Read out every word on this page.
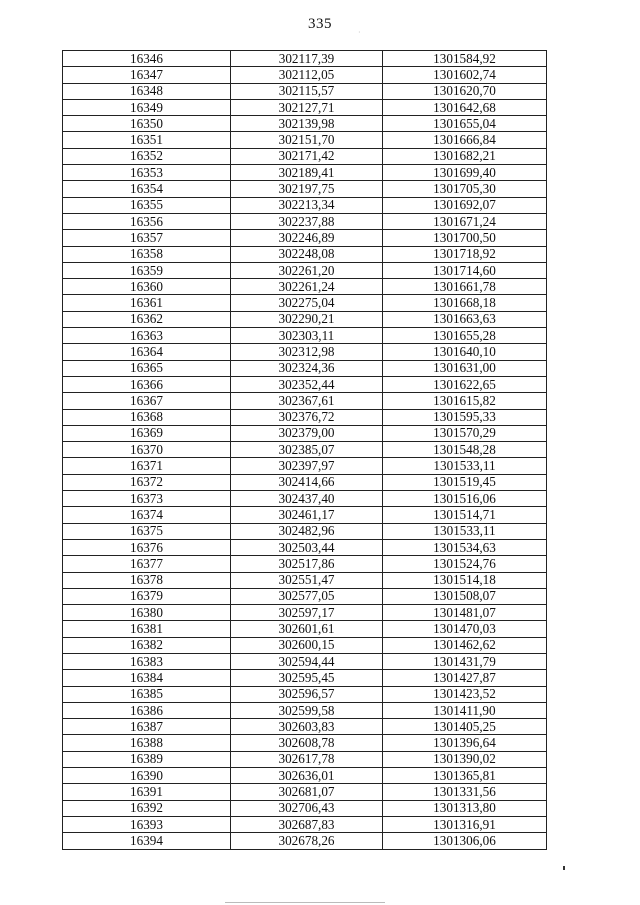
335
·
16346	302117,39	1301584,92
16347	302112,05	1301602,74
16348	302115,57	1301620,70
16349	302127,71	1301642,68
16350	302139,98	1301655,04
16351	302151,70	1301666,84
16352	302171,42	1301682,21
16353	302189,41	1301699,40
16354	302197,75	1301705,30
16355	302213,34	1301692,07
16356	302237,88	1301671,24
16357	302246,89	1301700,50
16358	302248,08	1301718,92
16359	302261,20	1301714,60
16360	302261,24	1301661,78
16361	302275,04	1301668,18
16362	302290,21	1301663,63
16363	302303,11	1301655,28
16364	302312,98	1301640,10
16365	302324,36	1301631,00
16366	302352,44	1301622,65
16367	302367,61	1301615,82
16368	302376,72	1301595,33
16369	302379,00	1301570,29
16370	302385,07	1301548,28
16371	302397,97	1301533,11
16372	302414,66	1301519,45
16373	302437,40	1301516,06
16374	302461,17	1301514,71
16375	302482,96	1301533,11
16376	302503,44	1301534,63
16377	302517,86	1301524,76
16378	302551,47	1301514,18
16379	302577,05	1301508,07
16380	302597,17	1301481,07
16381	302601,61	1301470,03
16382	302600,15	1301462,62
16383	302594,44	1301431,79
16384	302595,45	1301427,87
16385	302596,57	1301423,52
16386	302599,58	1301411,90
16387	302603,83	1301405,25
16388	302608,78	1301396,64
16389	302617,78	1301390,02
16390	302636,01	1301365,81
16391	302681,07	1301331,56
16392	302706,43	1301313,80
16393	302687,83	1301316,91
16394	302678,26	1301306,06
